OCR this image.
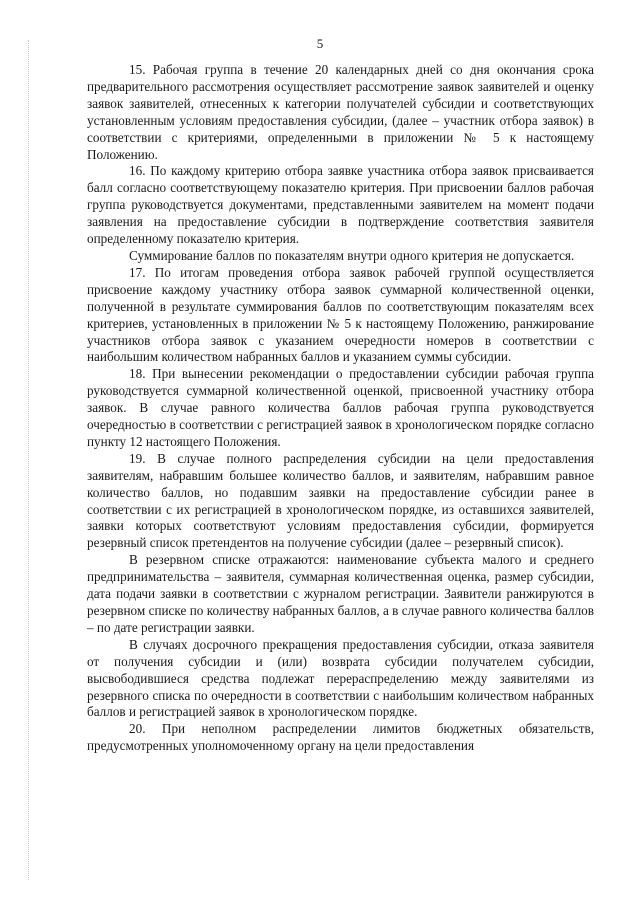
5

15. Рабочая группа в течение 20 календарных дней со дня окончания срока предварительного рассмотрения осуществляет рассмотрение заявок заявителей и оценку заявок заявителей, отнесенных к категории получателей субсидии и соответствующих установленным условиям предоставления субсидии, (далее – участник отбора заявок) в соответствии с критериями, определенными в приложении № 5 к настоящему Положению.

16. По каждому критерию отбора заявке участника отбора заявок присваивается балл согласно соответствующему показателю критерия. При присвоении баллов рабочая группа руководствуется документами, представленными заявителем на момент подачи заявления на предоставление субсидии в подтверждение соответствия заявителя определенному показателю критерия.

Суммирование баллов по показателям внутри одного критерия не допускается.

17. По итогам проведения отбора заявок рабочей группой осуществляется присвоение каждому участнику отбора заявок суммарной количественной оценки, полученной в результате суммирования баллов по соответствующим показателям всех критериев, установленных в приложении № 5 к настоящему Положению, ранжирование участников отбора заявок с указанием очередности номеров в соответствии с наибольшим количеством набранных баллов и указанием суммы субсидии.

18. При вынесении рекомендации о предоставлении субсидии рабочая группа руководствуется суммарной количественной оценкой, присвоенной участнику отбора заявок. В случае равного количества баллов рабочая группа руководствуется очередностью в соответствии с регистрацией заявок в хронологическом порядке согласно пункту 12 настоящего Положения.

19. В случае полного распределения субсидии на цели предоставления заявителям, набравшим большее количество баллов, и заявителям, набравшим равное количество баллов, но подавшим заявки на предоставление субсидии ранее в соответствии с их регистрацией в хронологическом порядке, из оставшихся заявителей, заявки которых соответствуют условиям предоставления субсидии, формируется резервный список претендентов на получение субсидии (далее – резервный список).

В резервном списке отражаются: наименование субъекта малого и среднего предпринимательства – заявителя, суммарная количественная оценка, размер субсидии, дата подачи заявки в соответствии с журналом регистрации. Заявители ранжируются в резервном списке по количеству набранных баллов, а в случае равного количества баллов – по дате регистрации заявки.

В случаях досрочного прекращения предоставления субсидии, отказа заявителя от получения субсидии и (или) возврата субсидии получателем субсидии, высвободившиеся средства подлежат перераспределению между заявителями из резервного списка по очередности в соответствии с наибольшим количеством набранных баллов и регистрацией заявок в хронологическом порядке.

20. При неполном распределении лимитов бюджетных обязательств, предусмотренных уполномоченному органу на цели предоставления
